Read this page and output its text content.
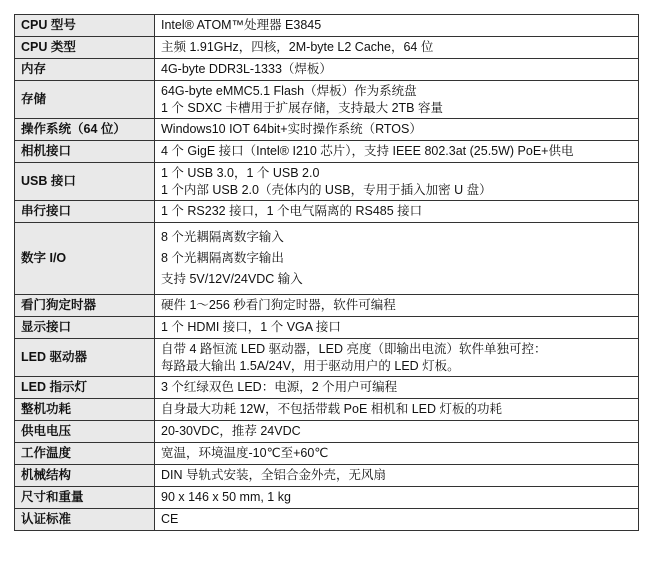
CPU 型号	Intel® ATOM™处理器 E3845

CPU 类型	主频 1.91GHz，四核，2M-byte L2 Cache，64 位

内存	4G-byte DDR3L-1333（焊板）

存储	64G-byte eMMC5.1 Flash（焊板）作为系统盘
1 个 SDXC 卡槽用于扩展存储，支持最大 2TB 容量

操作系统（64 位）	Windows10 IOT 64bit+实时操作系统（RTOS）

相机接口	4 个 GigE 接口（Intel® I210 芯片），支持 IEEE 802.3at (25.5W) PoE+供电

USB 接口	1 个 USB 3.0，1 个 USB 2.0
1 个内部 USB 2.0（壳体内的 USB，专用于插入加密 U 盘）

串行接口	1 个 RS232 接口，1 个电气隔离的 RS485 接口

数字 I/O	8 个光耦隔离数字输入
8 个光耦隔离数字输出
支持 5V/12V/24VDC 输入

看门狗定时器	硬件 1～256 秒看门狗定时器，软件可编程

显示接口	1 个 HDMI 接口，1 个 VGA 接口

LED 驱动器	自带 4 路恒流 LED 驱动器，LED 亮度（即输出电流）软件单独可控：
每路最大输出 1.5A/24V，用于驱动用户的 LED 灯板。

LED 指示灯	3 个红绿双色 LED：电源，2 个用户可编程

整机功耗	自身最大功耗 12W，不包括带载 PoE 相机和 LED 灯板的功耗

供电电压	20-30VDC，推荐 24VDC

工作温度	宽温，环境温度-10℃至+60℃

机械结构	DIN 导轨式安装，全铝合金外壳，无风扇

尺寸和重量	90 x 146 x 50 mm, 1 kg

认证标准	CE
